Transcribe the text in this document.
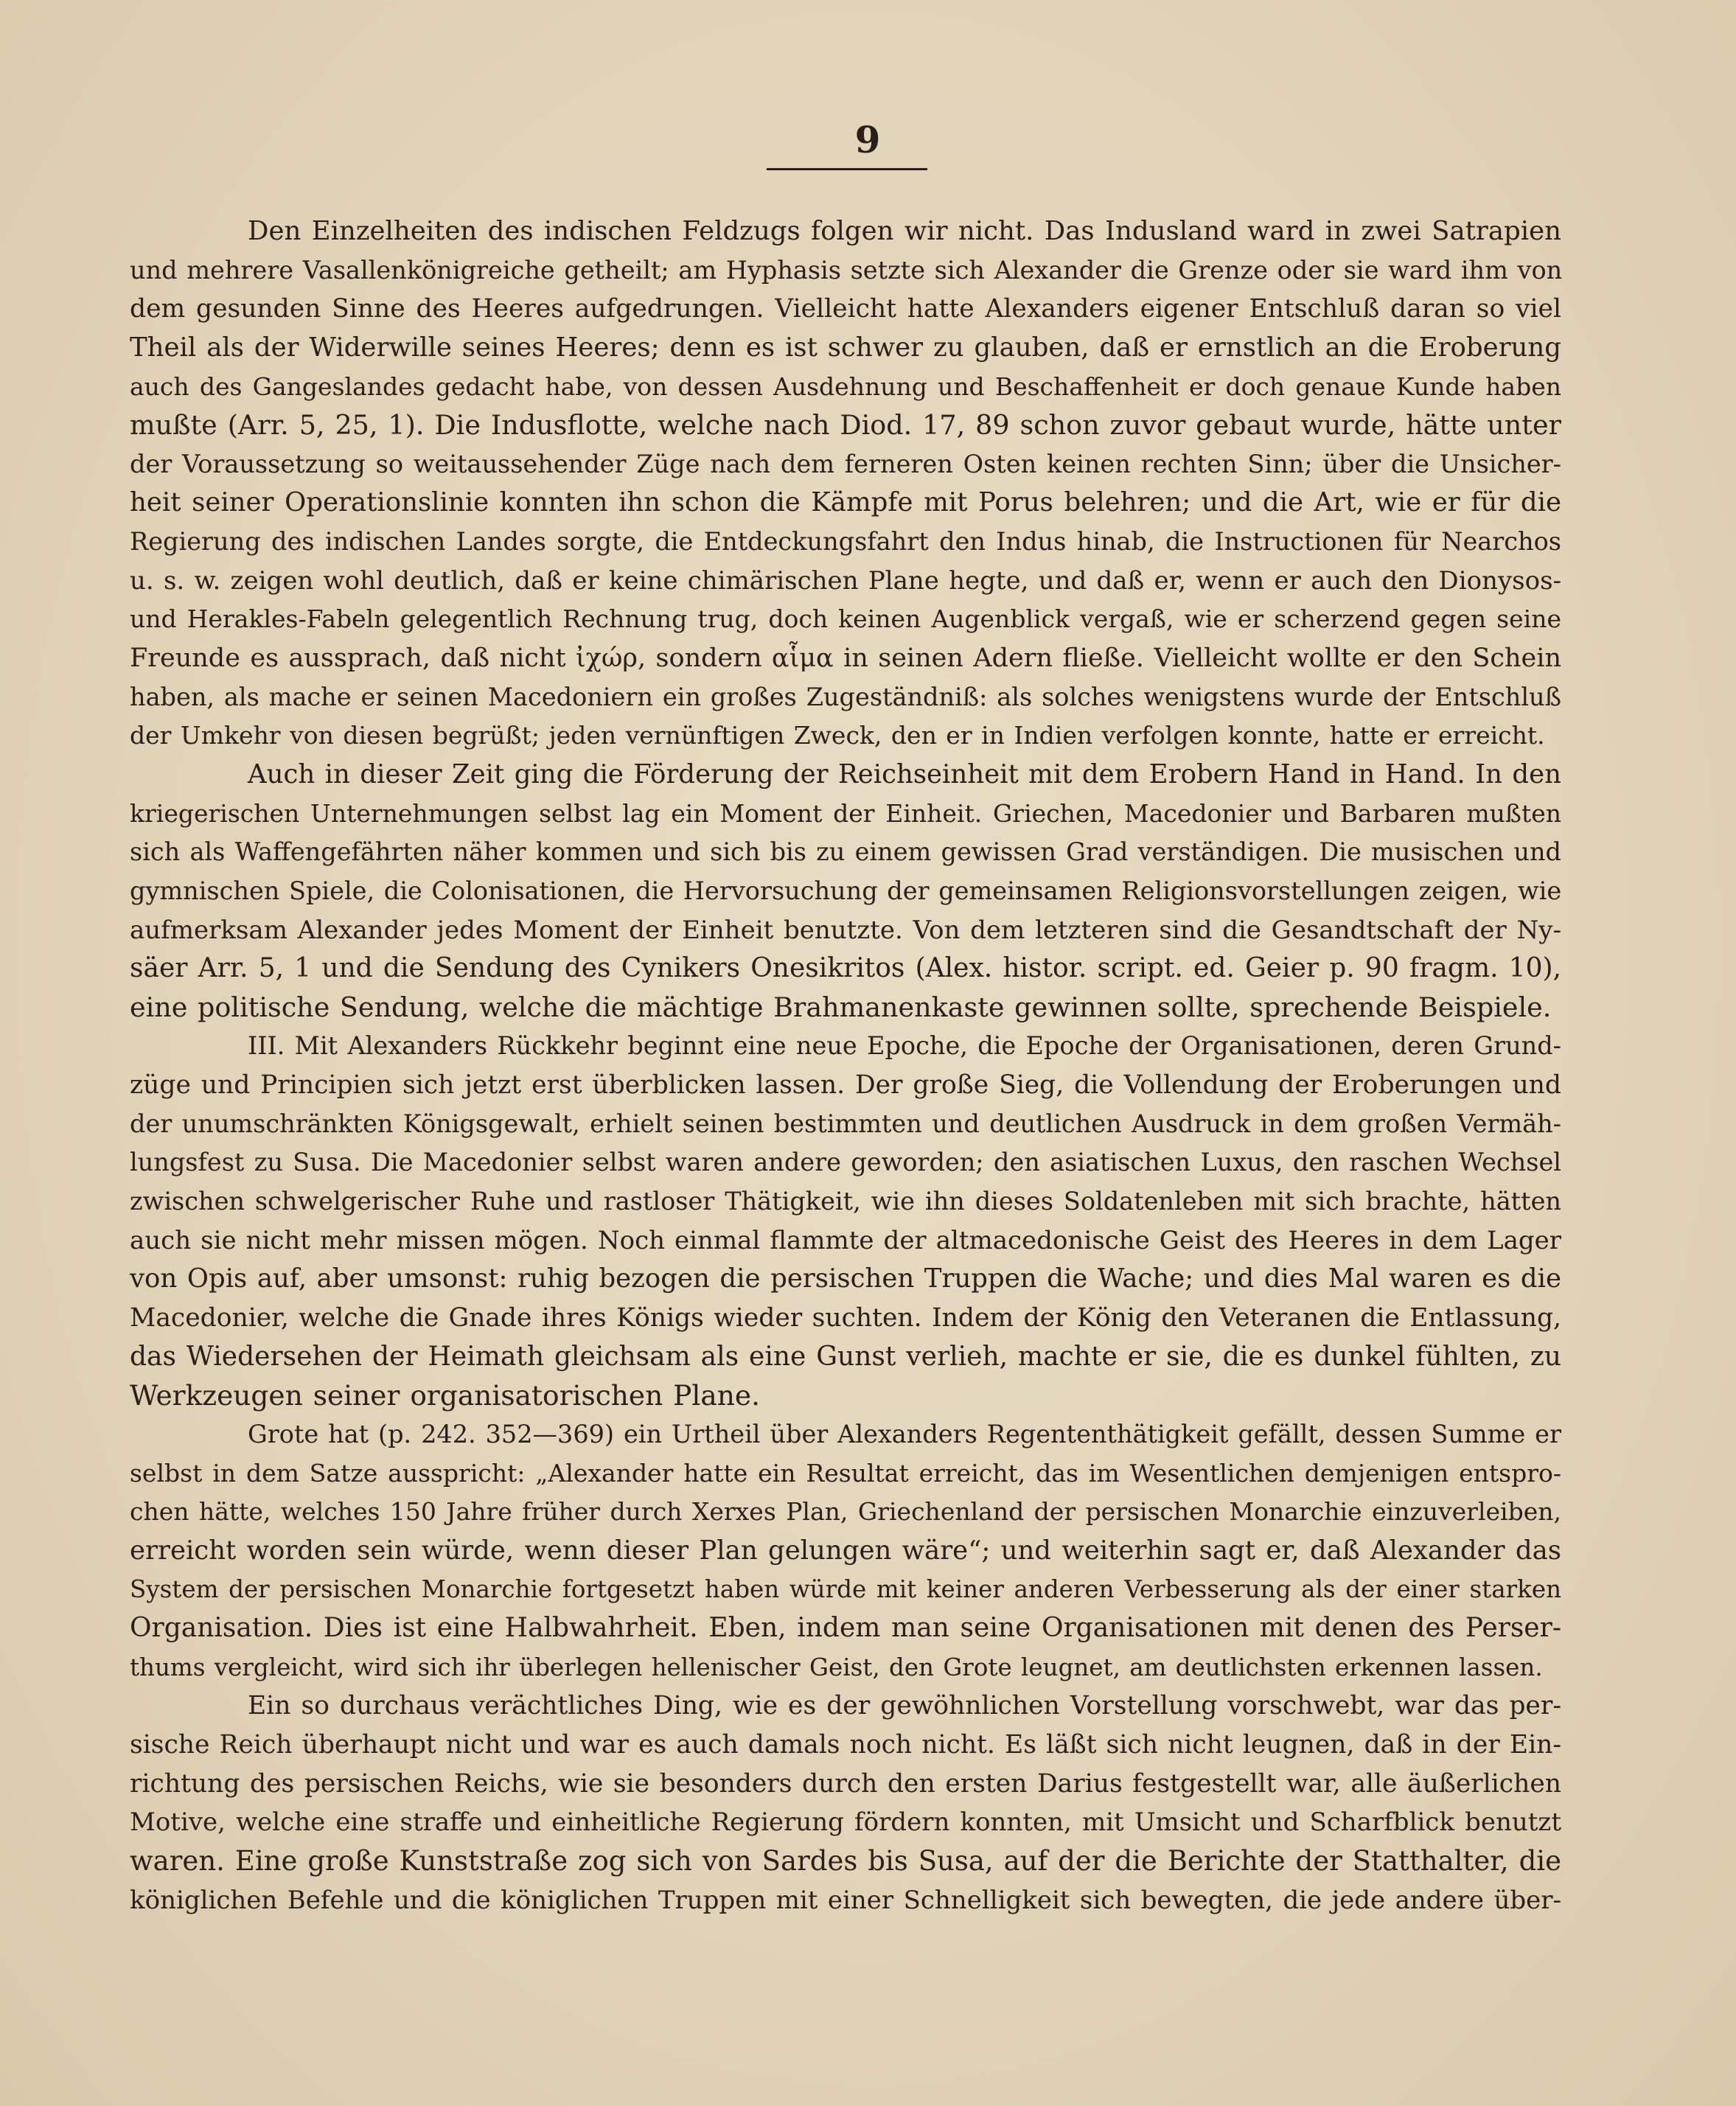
9
Den Einzelheiten des indischen Feldzugs folgen wir nicht. Das Indusland ward in zwei Satrapien
und mehrere Vasallenkönigreiche getheilt; am Hyphasis setzte sich Alexander die Grenze oder sie ward ihm von
dem gesunden Sinne des Heeres aufgedrungen. Vielleicht hatte Alexanders eigener Entschluß daran so viel
Theil als der Widerwille seines Heeres; denn es ist schwer zu glauben, daß er ernstlich an die Eroberung
auch des Gangeslandes gedacht habe, von dessen Ausdehnung und Beschaffenheit er doch genaue Kunde haben
mußte (Arr. 5, 25, 1). Die Indusflotte, welche nach Diod. 17, 89 schon zuvor gebaut wurde, hätte unter
der Voraussetzung so weitaussehender Züge nach dem ferneren Osten keinen rechten Sinn; über die Unsicher-
heit seiner Operationslinie konnten ihn schon die Kämpfe mit Porus belehren; und die Art, wie er für die
Regierung des indischen Landes sorgte, die Entdeckungsfahrt den Indus hinab, die Instructionen für Nearchos
u. s. w. zeigen wohl deutlich, daß er keine chimärischen Plane hegte, und daß er, wenn er auch den Dionysos-
und Herakles-Fabeln gelegentlich Rechnung trug, doch keinen Augenblick vergaß, wie er scherzend gegen seine
Freunde es aussprach, daß nicht ἰχώρ, sondern αἷμα in seinen Adern fließe. Vielleicht wollte er den Schein
haben, als mache er seinen Macedoniern ein großes Zugeständniß: als solches wenigstens wurde der Entschluß
der Umkehr von diesen begrüßt; jeden vernünftigen Zweck, den er in Indien verfolgen konnte, hatte er erreicht.
Auch in dieser Zeit ging die Förderung der Reichseinheit mit dem Erobern Hand in Hand. In den
kriegerischen Unternehmungen selbst lag ein Moment der Einheit. Griechen, Macedonier und Barbaren mußten
sich als Waffengefährten näher kommen und sich bis zu einem gewissen Grad verständigen. Die musischen und
gymnischen Spiele, die Colonisationen, die Hervorsuchung der gemeinsamen Religionsvorstellungen zeigen, wie
aufmerksam Alexander jedes Moment der Einheit benutzte. Von dem letzteren sind die Gesandtschaft der Ny-
säer Arr. 5, 1 und die Sendung des Cynikers Onesikritos (Alex. histor. script. ed. Geier p. 90 fragm. 10),
eine politische Sendung, welche die mächtige Brahmanenkaste gewinnen sollte, sprechende Beispiele.
III. Mit Alexanders Rückkehr beginnt eine neue Epoche, die Epoche der Organisationen, deren Grund-
züge und Principien sich jetzt erst überblicken lassen. Der große Sieg, die Vollendung der Eroberungen und
der unumschränkten Königsgewalt, erhielt seinen bestimmten und deutlichen Ausdruck in dem großen Vermäh-
lungsfest zu Susa. Die Macedonier selbst waren andere geworden; den asiatischen Luxus, den raschen Wechsel
zwischen schwelgerischer Ruhe und rastloser Thätigkeit, wie ihn dieses Soldatenleben mit sich brachte, hätten
auch sie nicht mehr missen mögen. Noch einmal flammte der altmacedonische Geist des Heeres in dem Lager
von Opis auf, aber umsonst: ruhig bezogen die persischen Truppen die Wache; und dies Mal waren es die
Macedonier, welche die Gnade ihres Königs wieder suchten. Indem der König den Veteranen die Entlassung,
das Wiedersehen der Heimath gleichsam als eine Gunst verlieh, machte er sie, die es dunkel fühlten, zu
Werkzeugen seiner organisatorischen Plane.
Grote hat (p. 242. 352—369) ein Urtheil über Alexanders Regententhätigkeit gefällt, dessen Summe er
selbst in dem Satze ausspricht: „Alexander hatte ein Resultat erreicht, das im Wesentlichen demjenigen entspro-
chen hätte, welches 150 Jahre früher durch Xerxes Plan, Griechenland der persischen Monarchie einzuverleiben,
erreicht worden sein würde, wenn dieser Plan gelungen wäre“; und weiterhin sagt er, daß Alexander das
System der persischen Monarchie fortgesetzt haben würde mit keiner anderen Verbesserung als der einer starken
Organisation. Dies ist eine Halbwahrheit. Eben, indem man seine Organisationen mit denen des Perser-
thums vergleicht, wird sich ihr überlegen hellenischer Geist, den Grote leugnet, am deutlichsten erkennen lassen.
Ein so durchaus verächtliches Ding, wie es der gewöhnlichen Vorstellung vorschwebt, war das per-
sische Reich überhaupt nicht und war es auch damals noch nicht. Es läßt sich nicht leugnen, daß in der Ein-
richtung des persischen Reichs, wie sie besonders durch den ersten Darius festgestellt war, alle äußerlichen
Motive, welche eine straffe und einheitliche Regierung fördern konnten, mit Umsicht und Scharfblick benutzt
waren. Eine große Kunststraße zog sich von Sardes bis Susa, auf der die Berichte der Statthalter, die
königlichen Befehle und die königlichen Truppen mit einer Schnelligkeit sich bewegten, die jede andere über-
